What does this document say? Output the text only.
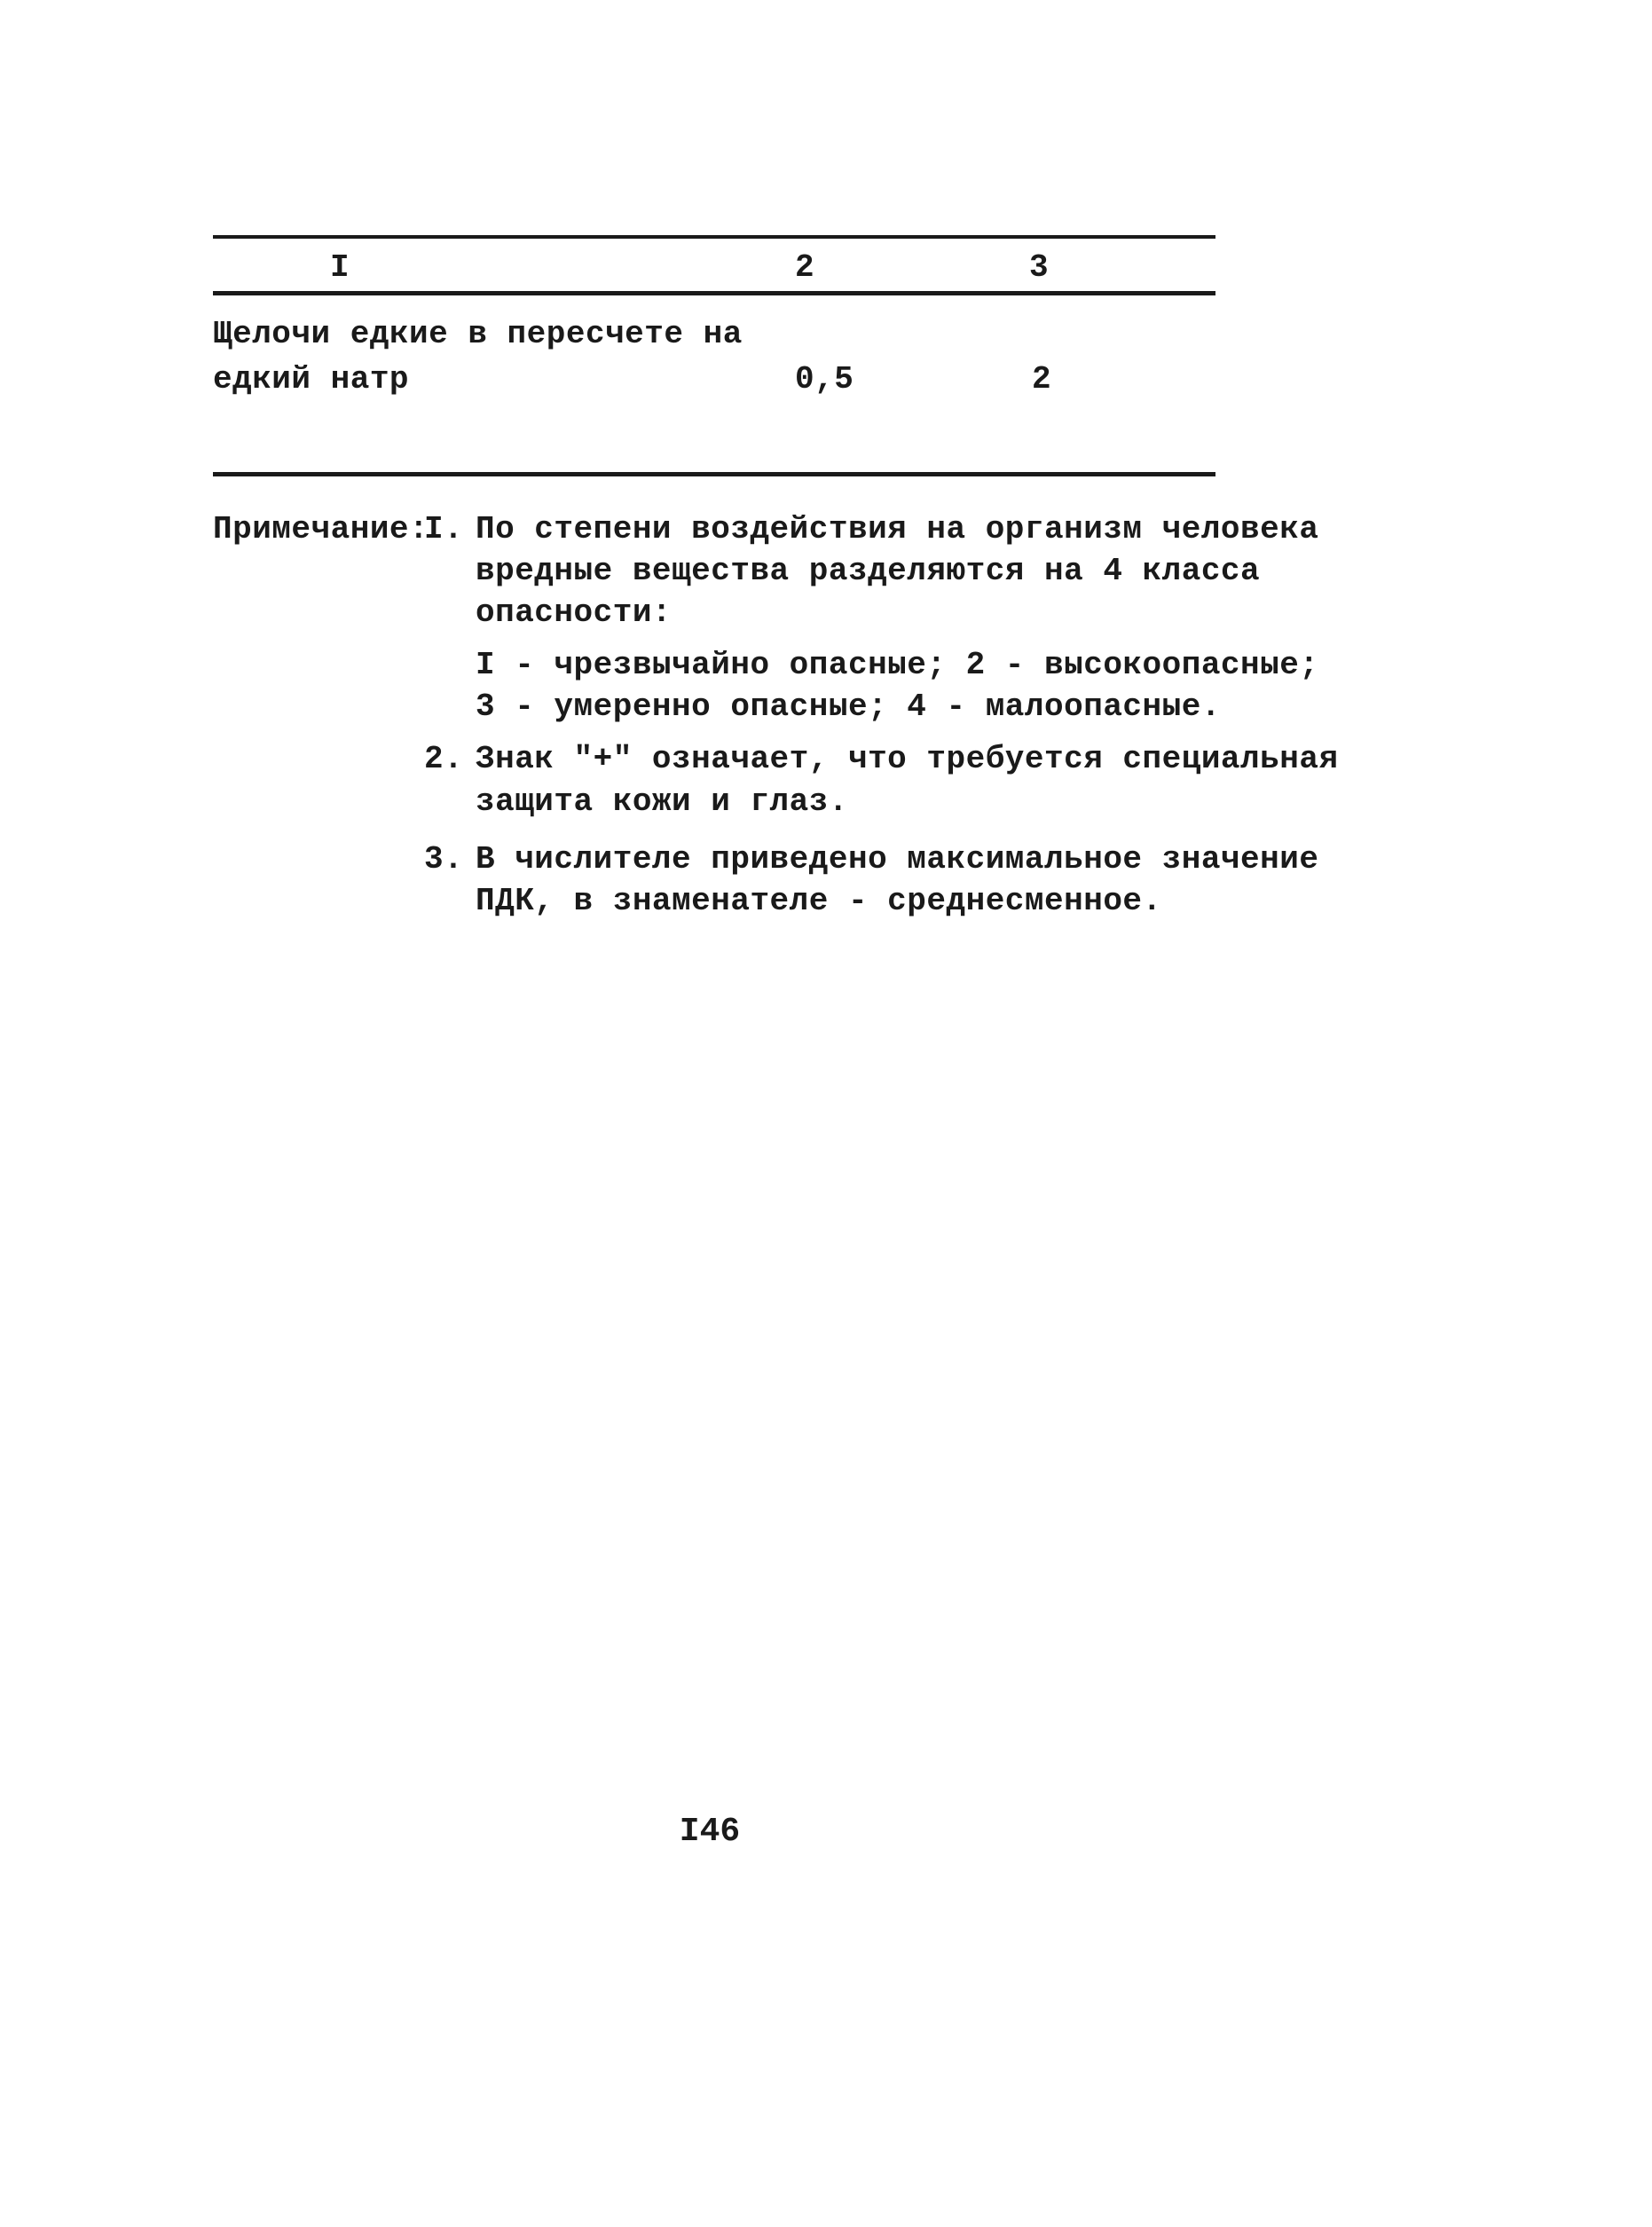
I	2	3
Щелочи едкие в пересчете на
едкий натр	0,5	2
Примечание:
I. По степени воздействия на организм человека
вредные вещества разделяются на 4 класса
опасности:
I - чрезвычайно опасные; 2 - высокоопасные;
3 - умеренно опасные; 4 - малоопасные.
2. Знак "+" означает, что требуется специальная
защита кожи и глаз.
3. В числителе приведено максимальное значение
ПДК, в знаменателе - среднесменное.
I46
